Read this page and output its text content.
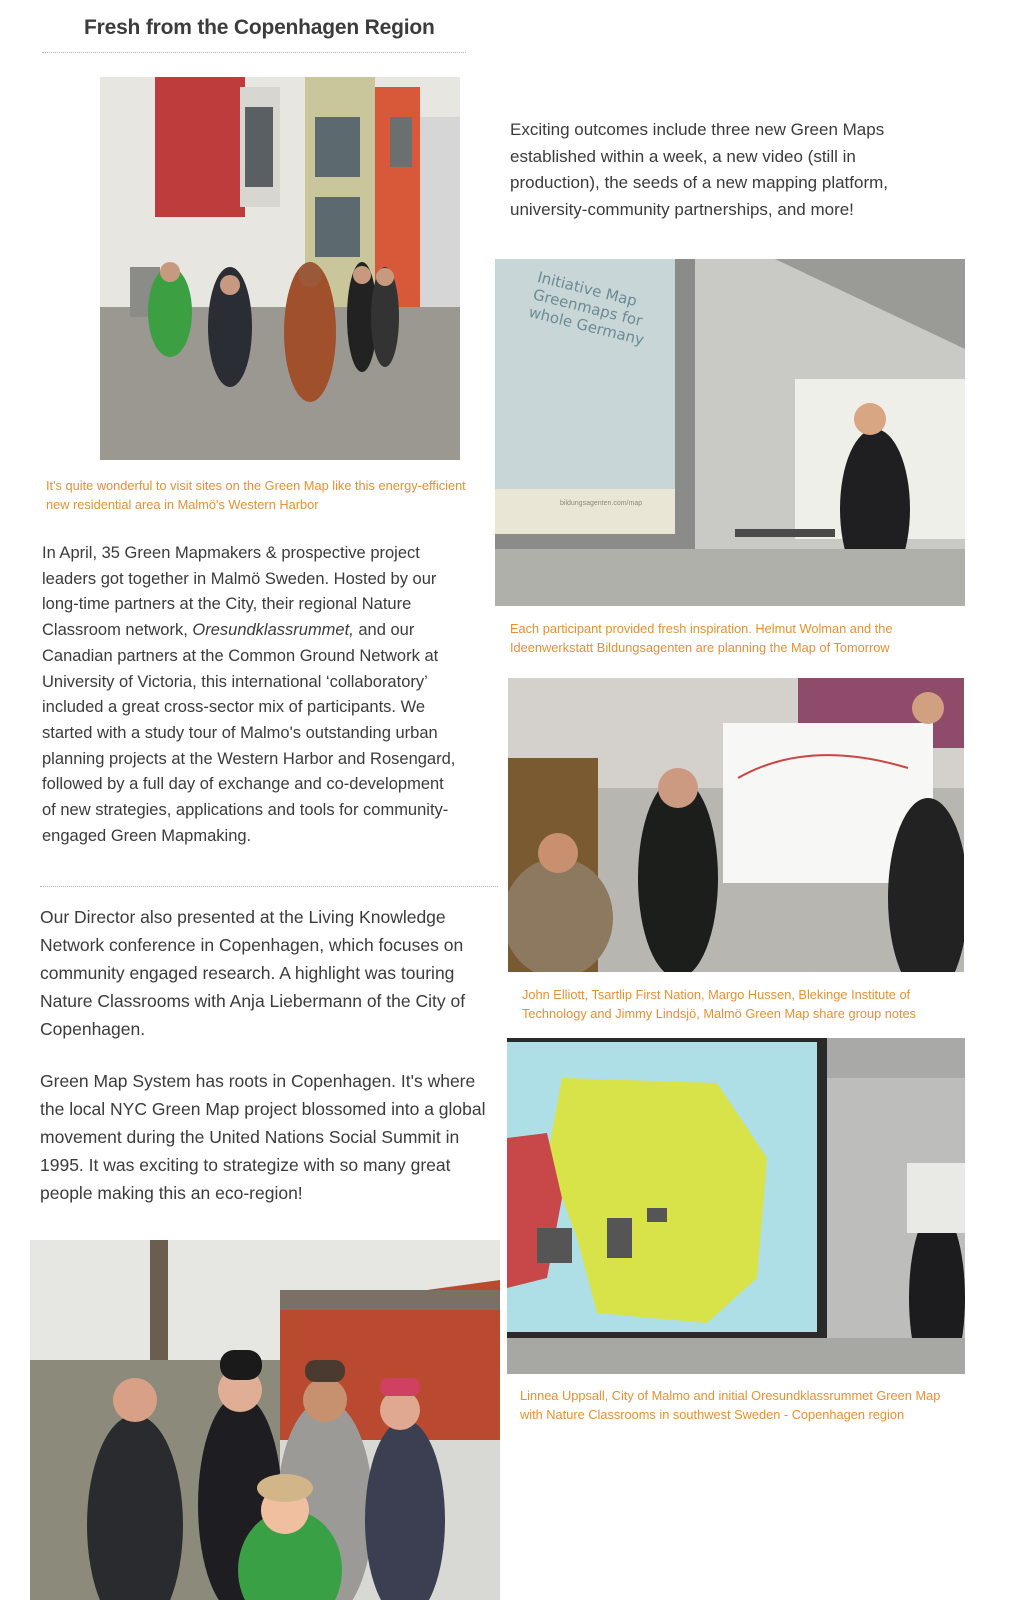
Fresh from the Copenhagen Region
It's quite wonderful to visit sites on the Green Map like this energy-efficient new residential area in Malmö's Western Harbor
In April, 35 Green Mapmakers & prospective project leaders got together in Malmö Sweden. Hosted by our long-time partners at the City, their regional Nature Classroom network, Oresundklassrummet, and our Canadian partners at the Common Ground Network at University of Victoria, this international ‘collaboratory’ included a great cross-sector mix of participants. We started with a study tour of Malmo's outstanding urban planning projects at the Western Harbor and Rosengard, followed by a full day of exchange and co-development of new strategies, applications and tools for community-engaged Green Mapmaking.
Our Director also presented at the Living Knowledge Network conference in Copenhagen, which focuses on community engaged research. A highlight was touring Nature Classrooms with Anja Liebermann of the City of Copenhagen.
Green Map System has roots in Copenhagen. It's where the local NYC Green Map project blossomed into a global movement during the United Nations Social Summit in 1995. It was exciting to strategize with so many great people making this an eco-region!
Exciting outcomes include three new Green Maps established within a week, a new video (still in production), the seeds of a new mapping platform, university-community partnerships, and more!
Initiative Map Greenmaps for whole Germany
bildungsagenten.com/map
Each participant provided fresh inspiration. Helmut Wolman and the Ideenwerkstatt Bildungsagenten are planning the Map of Tomorrow
John Elliott, Tsartlip First Nation, Margo Hussen, Blekinge Institute of Technology and Jimmy Lindsjö, Malmö Green Map share group notes
Linnea Uppsall, City of Malmo and initial Oresundklassrummet Green Map with Nature Classrooms in southwest Sweden - Copenhagen region
